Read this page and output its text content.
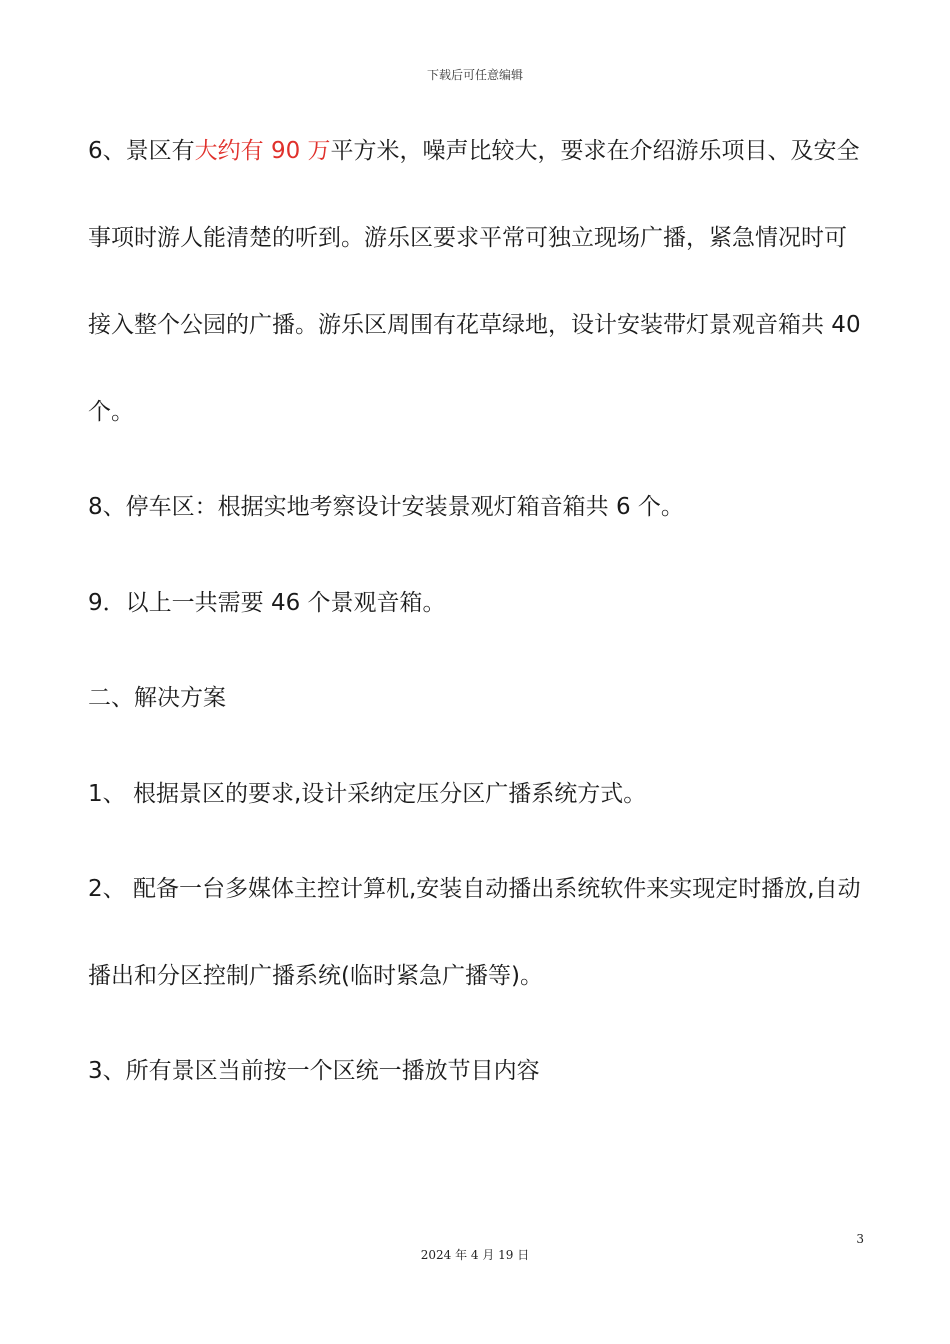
下载后可任意编辑
6、景区有大约有 90 万平方米，噪声比较大，要求在介绍游乐项目、及安全
事项时游人能清楚的听到。游乐区要求平常可独立现场广播，紧急情况时可
接入整个公园的广播。游乐区周围有花草绿地，设计安装带灯景观音箱共 40
个。
8、停车区：根据实地考察设计安装景观灯箱音箱共 6 个。
9．以上一共需要 46 个景观音箱。
二、解决方案
1、 根据景区的要求,设计采纳定压分区广播系统方式。
2、 配备一台多媒体主控计算机,安装自动播出系统软件来实现定时播放,自动
播出和分区控制广播系统(临时紧急广播等)。
3、所有景区当前按一个区统一播放节目内容
3
2024 年 4 月 19 日
